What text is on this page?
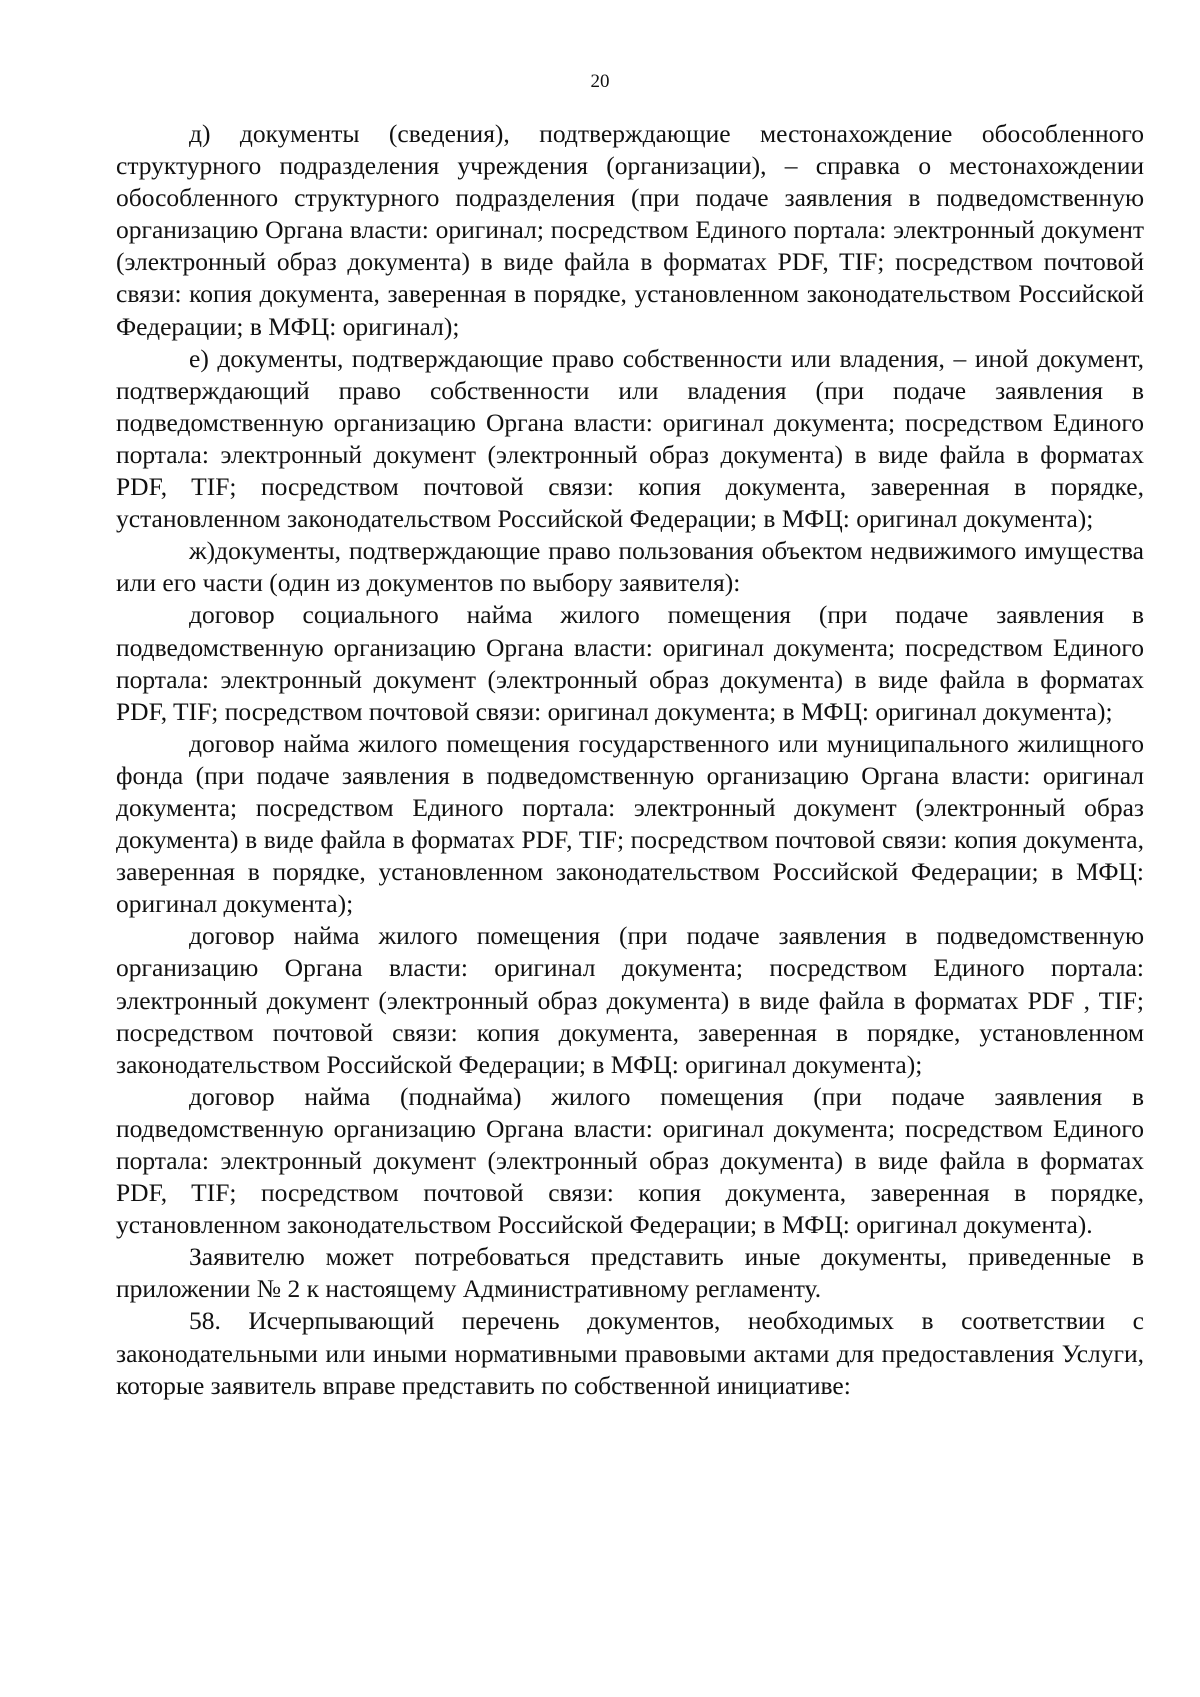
20

д) документы (сведения), подтверждающие местонахождение обособленного структурного подразделения учреждения (организации), – справка о местонахождении обособленного структурного подразделения (при подаче заявления в подведомственную организацию Органа власти: оригинал; посредством Единого портала: электронный документ (электронный образ документа) в виде файла в форматах PDF, TIF; посредством почтовой связи: копия документа, заверенная в порядке, установленном законодательством Российской Федерации; в МФЦ: оригинал);

е) документы, подтверждающие право собственности или владения, – иной документ, подтверждающий право собственности или владения (при подаче заявления в подведомственную организацию Органа власти: оригинал документа; посредством Единого портала: электронный документ (электронный образ документа) в виде файла в форматах PDF, TIF; посредством почтовой связи: копия документа, заверенная в порядке, установленном законодательством Российской Федерации; в МФЦ: оригинал документа);

ж)документы, подтверждающие право пользования объектом недвижимого имущества или его части (один из документов по выбору заявителя):

договор социального найма жилого помещения (при подаче заявления в подведомственную организацию Органа власти: оригинал документа; посредством Единого портала: электронный документ (электронный образ документа) в виде файла в форматах PDF, TIF; посредством почтовой связи: оригинал документа; в МФЦ: оригинал документа);

договор найма жилого помещения государственного или муниципального жилищного фонда (при подаче заявления в подведомственную организацию Органа власти: оригинал документа; посредством Единого портала: электронный документ (электронный образ документа) в виде файла в форматах PDF, TIF; посредством почтовой связи: копия документа, заверенная в порядке, установленном законодательством Российской Федерации; в МФЦ: оригинал документа);

договор найма жилого помещения (при подаче заявления в подведомственную организацию Органа власти: оригинал документа; посредством Единого портала: электронный документ (электронный образ документа) в виде файла в форматах PDF , TIF; посредством почтовой связи: копия документа, заверенная в порядке, установленном законодательством Российской Федерации; в МФЦ: оригинал документа);

договор найма (поднайма) жилого помещения (при подаче заявления в подведомственную организацию Органа власти: оригинал документа; посредством Единого портала: электронный документ (электронный образ документа) в виде файла в форматах PDF, TIF; посредством почтовой связи: копия документа, заверенная в порядке, установленном законодательством Российской Федерации; в МФЦ: оригинал документа).

Заявителю может потребоваться представить иные документы, приведенные в приложении № 2 к настоящему Административному регламенту.

58. Исчерпывающий перечень документов, необходимых в соответствии с законодательными или иными нормативными правовыми актами для предоставления Услуги, которые заявитель вправе представить по собственной инициативе:
